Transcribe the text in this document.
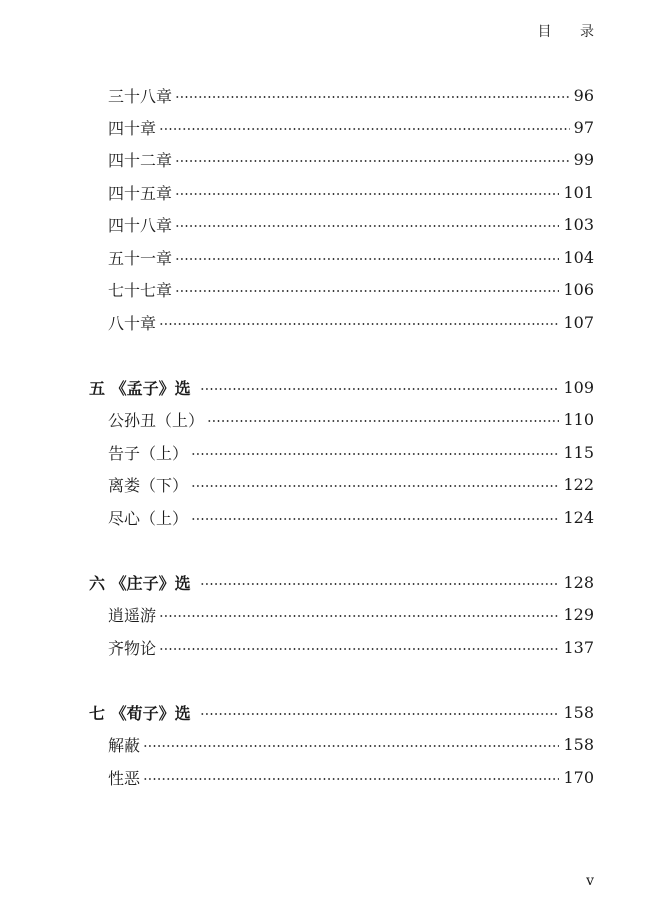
目 录
三十八章	96
四十章	97
四十二章	99
四十五章	101
四十八章	103
五十一章	104
七十七章	106
八十章	107
五 《孟子》选	109
公孙丑（上）	110
告子（上）	115
离娄（下）	122
尽心（上）	124
六 《庄子》选	128
逍遥游	129
齐物论	137
七 《荀子》选	158
解蔽	158
性恶	170
v
